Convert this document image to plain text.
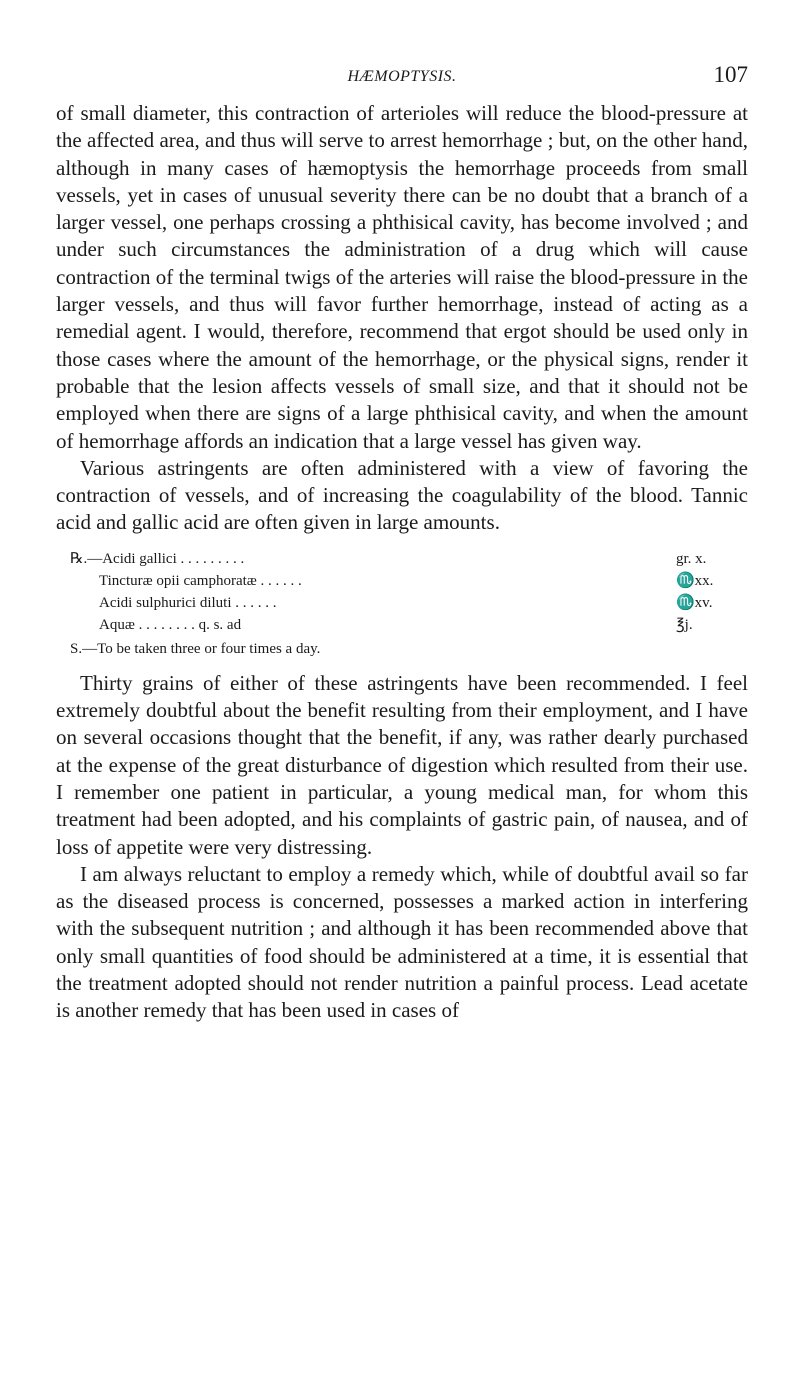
HÆMOPTYSIS.	107

of small diameter, this contraction of arterioles will reduce the blood-pressure at the affected area, and thus will serve to arrest hemorrhage ; but, on the other hand, although in many cases of hæmoptysis the hemorrhage proceeds from small vessels, yet in cases of unusual severity there can be no doubt that a branch of a larger vessel, one perhaps crossing a phthisical cavity, has become involved ; and under such circumstances the administration of a drug which will cause contraction of the terminal twigs of the arteries will raise the blood-pressure in the larger vessels, and thus will favor further hemorrhage, instead of acting as a remedial agent. I would, therefore, recommend that ergot should be used only in those cases where the amount of the hemorrhage, or the physical signs, render it probable that the lesion affects vessels of small size, and that it should not be employed when there are signs of a large phthisical cavity, and when the amount of hemorrhage affords an indication that a large vessel has given way.

Various astringents are often administered with a view of favoring the contraction of vessels, and of increasing the coagulability of the blood. Tannic acid and gallic acid are often given in large amounts.

℞.—Acidi gallici . . . . . . . . .	gr. x.
Tincturæ opii camphoratæ . . . . . .	♏xx.
Acidi sulphurici diluti . . . . . .	♏xv.
Aquæ . . . . . . . . q. s. ad	℥j.
S.—To be taken three or four times a day.

Thirty grains of either of these astringents have been recommended. I feel extremely doubtful about the benefit resulting from their employment, and I have on several occasions thought that the benefit, if any, was rather dearly purchased at the expense of the great disturbance of digestion which resulted from their use. I remember one patient in particular, a young medical man, for whom this treatment had been adopted, and his complaints of gastric pain, of nausea, and of loss of appetite were very distressing.

I am always reluctant to employ a remedy which, while of doubtful avail so far as the diseased process is concerned, possesses a marked action in interfering with the subsequent nutrition ; and although it has been recommended above that only small quantities of food should be administered at a time, it is essential that the treatment adopted should not render nutrition a painful process. Lead acetate is another remedy that has been used in cases of
